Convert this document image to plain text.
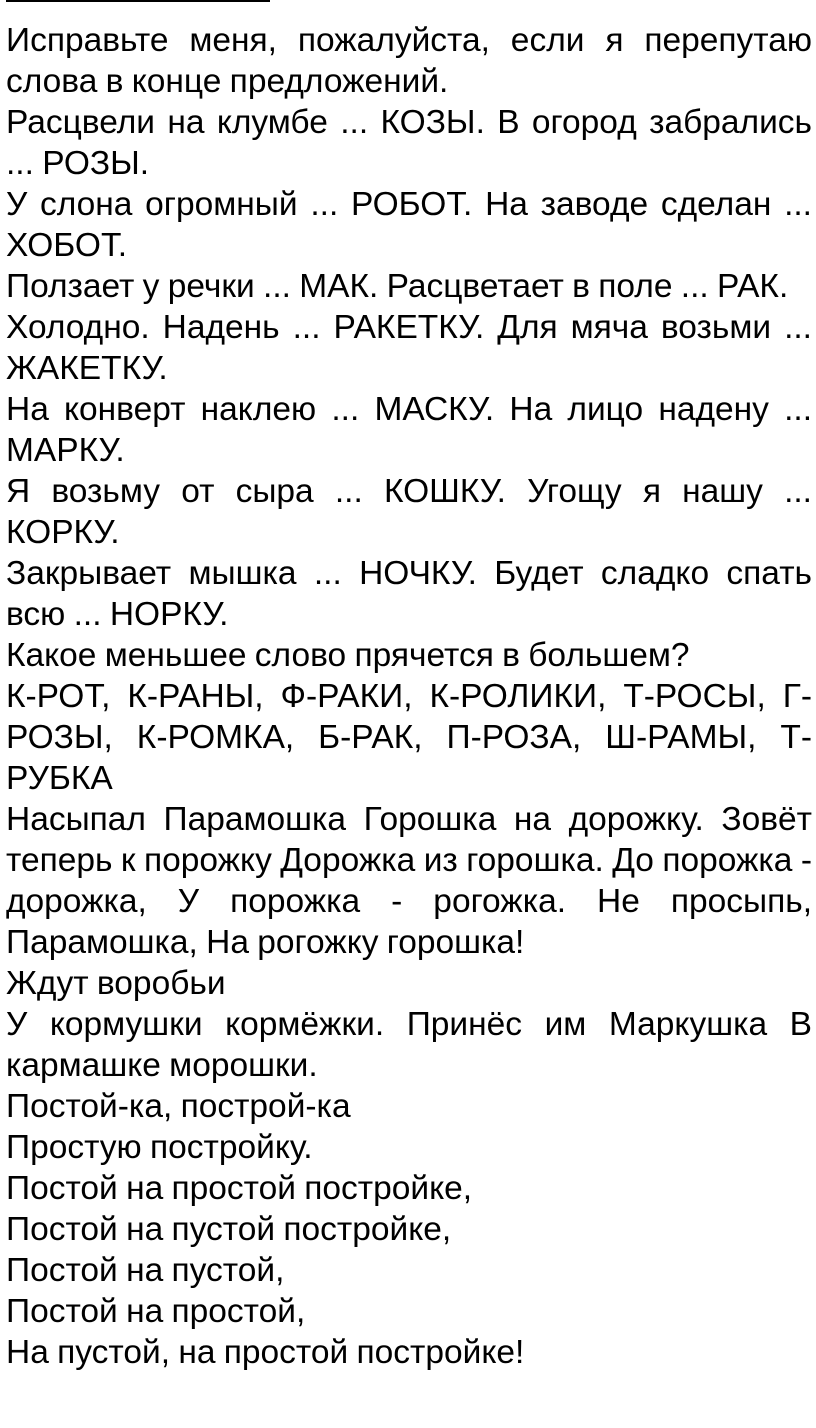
Исправьте меня, пожалуйста, если я перепутаю слова в конце предложений.

Расцвели на клумбе ... КОЗЫ. В огород забрались ... РОЗЫ.

У слона огромный ... РОБОТ. На заводе сделан ... ХОБОТ.

Ползает у речки ... МАК. Расцветает в поле ... РАК.

Холодно. Надень ... РАКЕТКУ. Для мяча возьми ... ЖАКЕТКУ.

На конверт наклею ... МАСКУ. На лицо надену ... МАРКУ.

Я возьму от сыра ... КОШКУ. Угощу я нашу ... КОРКУ.

Закрывает мышка ... НОЧКУ. Будет сладко спать всю ... НОРКУ.

Какое меньшее слово прячется в большем?

К-РОТ, К-РАНЫ, Ф-РАКИ, К-РОЛИКИ, Т-РОСЫ, Г-РОЗЫ, К-РОМКА, Б-РАК, П-РОЗА, Ш-РАМЫ, Т-РУБКА

Насыпал Парамошка Горошка на дорожку. Зовёт теперь к порожку Дорожка из горошка. До порожка - дорожка, У порожка - рогожка. Не просыпь, Парамошка, На рогожку горошка!

Ждут воробьи

У кормушки кормёжки. Принёс им Маркушка В кармашке морошки.

Постой-ка, построй-ка

Простую постройку.

Постой на простой постройке,

Постой на пустой постройке,

Постой на пустой,

Постой на простой,

На пустой, на простой постройке!
